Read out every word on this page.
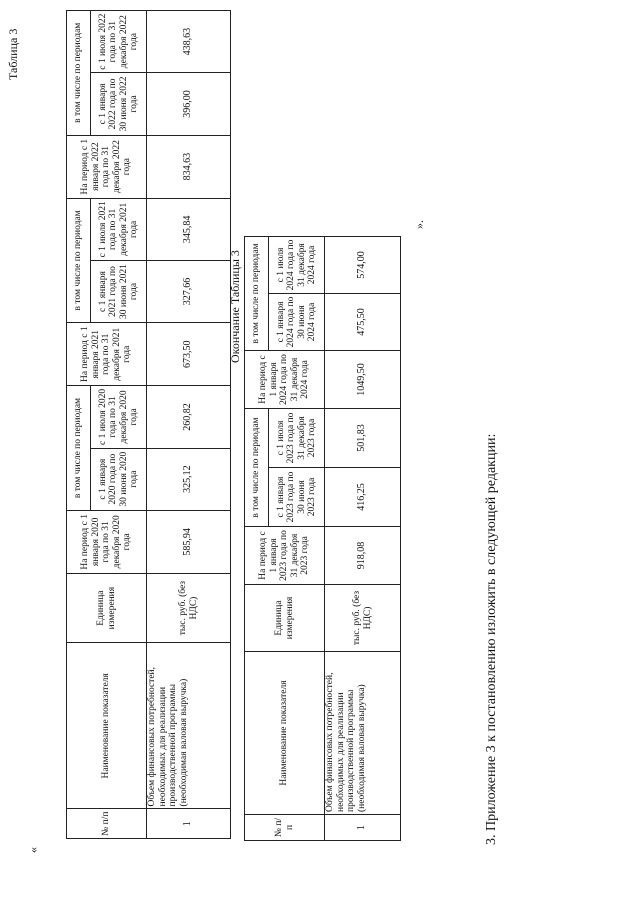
Таблица 3
«
№ п/п	Наименование показателя	Единица измерения	На период с 1 января 2020 года по 31 декабря 2020 года	в том числе по периодам		На период с 1 января 2021 года по 31 декабря 2021 года	в том числе по периодам		На период с 1 января 2022 года по 31 декабря 2022 года	в том числе по периодам	
				с 1 января 2020 года по 30 июня 2020 года	с 1 июля 2020 года по 31 декабря 2020 года		с 1 января 2021 года по 30 июня 2021 года	с 1 июля 2021 года по 31 декабря 2021 года		с 1 января 2022 года по 30 июня 2022 года	с 1 июля 2022 года по 31 декабря 2022 года
1	Объем финансовых потребностей, необходимых для реализации производственной программы (необходимая валовая выручка)	тыс. руб. (без НДС)	585,94	325,12	260,82	673,50	327,66	345,84	834,63	396,00	438,63
Окончание Таблицы 3
№ п/п	Наименование показателя	Единица измерения	На период с 1 января 2023 года по 31 декабря 2023 года	в том числе по периодам		На период с 1 января 2024 года по 31 декабря 2024 года	в том числе по периодам	
				с 1 января 2023 года по 30 июня 2023 года	с 1 июля 2023 года по 31 декабря 2023 года		с 1 января 2024 года по 30 июня 2024 года	с 1 июля 2024 года по 31 декабря 2024 года
1	Объем финансовых потребностей, необходимых для реализации производственной программы (необходимая валовая выручка)	тыс. руб. (без НДС)	918,08	416,25	501,83	1049,50	475,50	574,00
».
3. Приложение 3 к постановлению изложить в следующей редакции:
